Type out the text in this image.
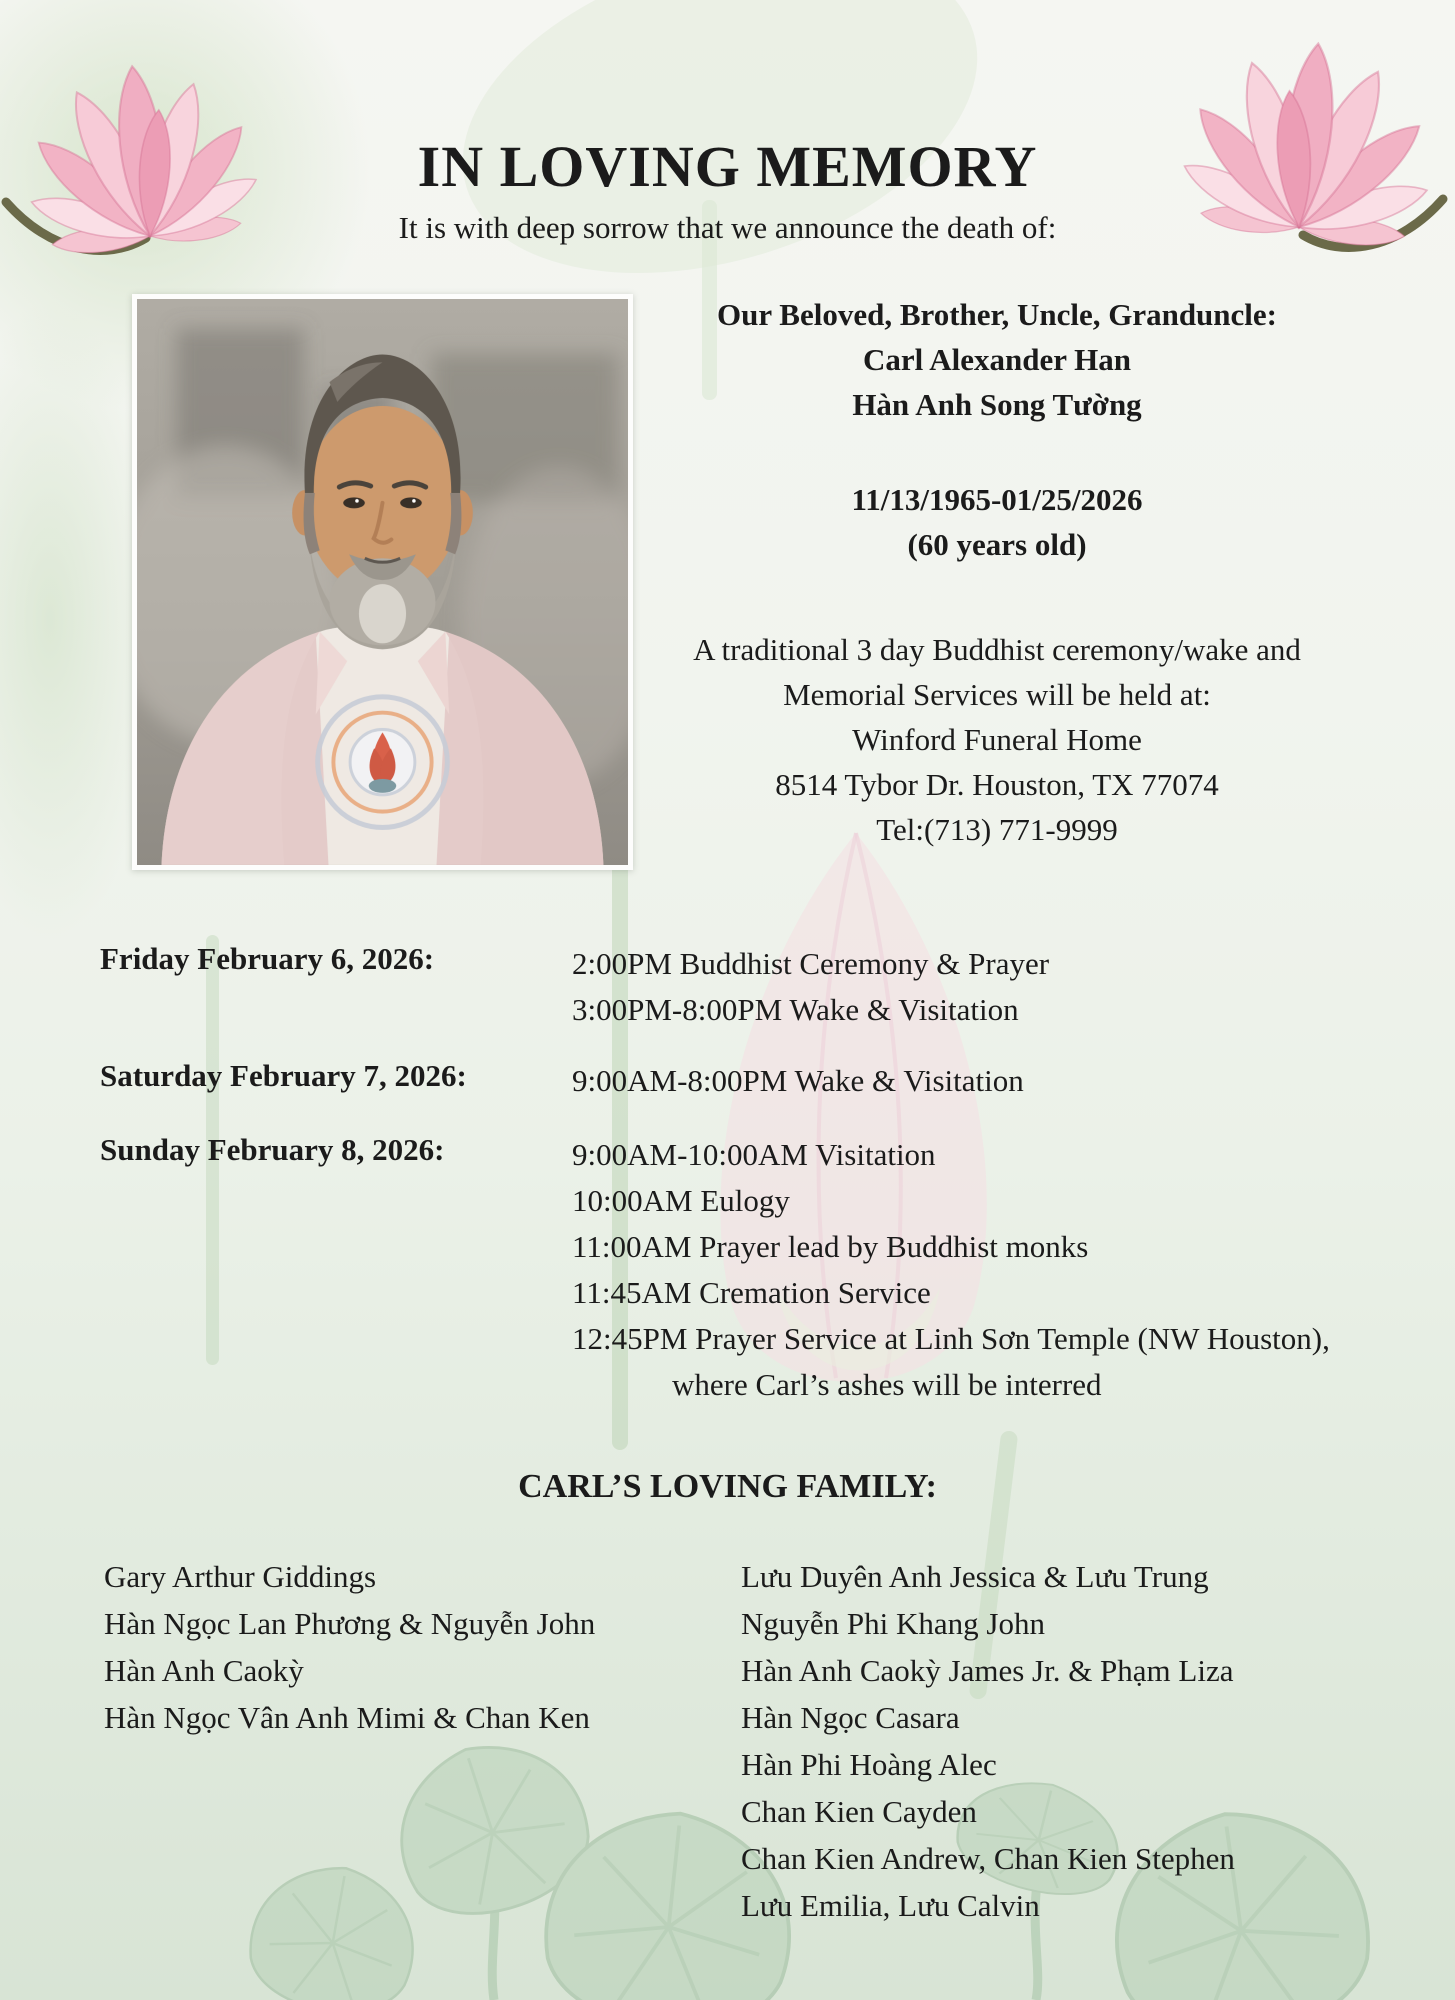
IN LOVING MEMORY
It is with deep sorrow that we announce the death of:
Our Beloved, Brother, Uncle, Granduncle:
Carl Alexander Han
Hàn Anh Song Tường
11/13/1965-01/25/2026
(60 years old)
A traditional 3 day Buddhist ceremony/wake and
Memorial Services will be held at:
Winford Funeral Home
8514 Tybor Dr. Houston, TX 77074
Tel:(713) 771-9999
Friday February 6, 2026:	2:00PM Buddhist Ceremony & Prayer
3:00PM-8:00PM Wake & Visitation
Saturday February 7, 2026:	9:00AM-8:00PM Wake & Visitation
Sunday February 8, 2026:	9:00AM-10:00AM Visitation
10:00AM Eulogy
11:00AM Prayer lead by Buddhist monks
11:45AM Cremation Service
12:45PM Prayer Service at Linh Sơn Temple (NW Houston),
where Carl’s ashes will be interred
CARL’S LOVING FAMILY:
Gary Arthur Giddings
Hàn Ngọc Lan Phương & Nguyễn John
Hàn Anh Caokỳ
Hàn Ngọc Vân Anh Mimi & Chan Ken
Lưu Duyên Anh Jessica & Lưu Trung
Nguyễn Phi Khang John
Hàn Anh Caokỳ James Jr. & Phạm Liza
Hàn Ngọc Casara
Hàn Phi Hoàng Alec
Chan Kien Cayden
Chan Kien Andrew, Chan Kien Stephen
Lưu Emilia, Lưu Calvin
